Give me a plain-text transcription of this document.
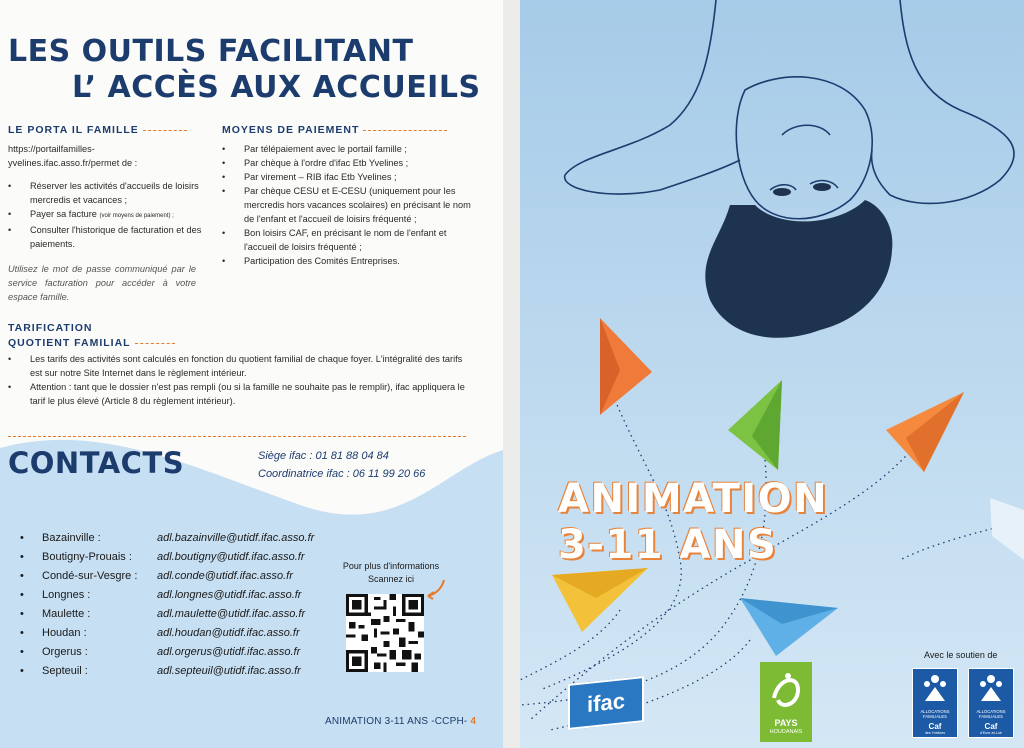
LES OUTILS FACILITANT
L’ ACCÈS AUX ACCUEILS
LE PORTA IL FAMILLE
https://portailfamilles-
yvelines.ifac.asso.fr/permet de :
• Réserver les activités d'accueils de loisirs mercredis et vacances ;
• Payer sa facture (voir moyens de paiement) ;
• Consulter l'historique de facturation et des paiements.
Utilisez le mot de passe communiqué par le service facturation pour accéder à votre espace famille.
MOYENS DE PAIEMENT
• Par télépaiement avec le portail famille ;
• Par chèque à l'ordre d'ifac Etb Yvelines ;
• Par virement – RIB ifac Etb Yvelines ;
• Par chèque CESU et E-CESU (uniquement pour les mercredis hors vacances scolaires) en précisant le nom de l'enfant et l'accueil de loisirs fréquenté ;
• Bon loisirs CAF, en précisant le nom de l'enfant et l'accueil de loisirs fréquenté ;
• Participation des Comités Entreprises.
TARIFICATION
QUOTIENT FAMILIAL
• Les tarifs des activités sont calculés en fonction du quotient familial de chaque foyer. L'intégralité des tarifs est sur notre Site Internet dans le règlement intérieur.
• Attention : tant que le dossier n'est pas rempli (ou si la famille ne souhaite pas le remplir), ifac appliquera le tarif le plus élevé (Article 8 du règlement intérieur).
CONTACTS	Siège ifac : 01 81 88 04 84
Coordinatrice ifac : 06 11 99 20 66
• Bazainville :	adl.bazainville@utidf.ifac.asso.fr
• Boutigny-Prouais : adl.boutigny@utidf.ifac.asso.fr
• Condé-sur-Vesgre : adl.conde@utidf.ifac.asso.fr
• Longnes :	adl.longnes@utidf.ifac.asso.fr
• Maulette :	adl.maulette@utidf.ifac.asso.fr
• Houdan :	adl.houdan@utidf.ifac.asso.fr
• Orgerus :	adl.orgerus@utidf.ifac.asso.fr
• Septeuil :	adl.septeuil@utidf.ifac.asso.fr
Pour plus d'informations
Scannez ici
ANIMATION 3-11 ANS -CCPH- 4
ANIMATION
3-11 ANS
ifac
PAYS
HOUDANAIS
Avec le soutien de
ALLOCATIONS FAMILIALES
Caf
des Yvelines
ALLOCATIONS FAMILIALES
Caf
d'Eure-et-Loir
